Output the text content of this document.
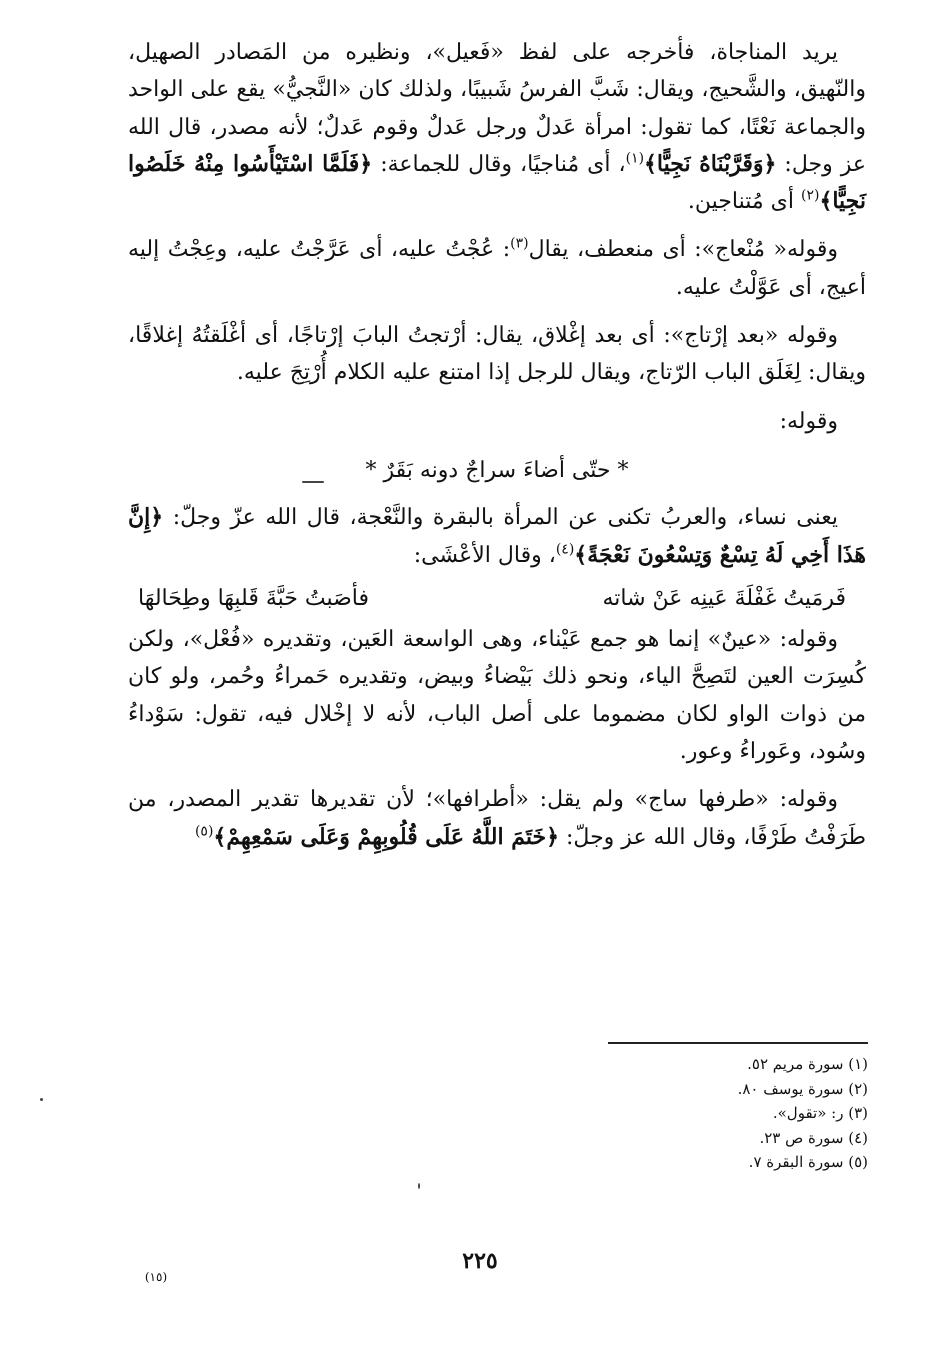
يريد المناجاة، فأخرجه على لفظ «فَعيل»، ونظيره من المَصادر الصهيل، والنّهيق، والشَّحيج، ويقال: شَبَّ الفرسُ شَبيبًا، ولذلك كان «النَّجيُّ» يقع على الواحد والجماعة نَعْتًا، كما تقول: امرأة عَدلٌ ورجل عَدلٌ وقوم عَدلٌ؛ لأنه مصدر، قال الله عز وجل: ﴿وَقَرَّبْنَاهُ نَجِيًّا﴾$^{(١)}$، أى مُناجيًا، وقال للجماعة: ﴿فَلَمَّا اسْتَيْأَسُوا مِنْهُ خَلَصُوا نَجِيًّا﴾$^{(٢)}$ أى مُتناجين.

وقوله« مُنْعاج»: أى منعطف، يقال$^{(٣)}$: عُجْتُ عليه، أى عَرَّجْتُ عليه، وعِجْتُ إليه أعيج، أى عَوَّلْتُ عليه.

وقوله «بعد إرْتاج»: أى بعد إغْلاق، يقال: أرْتجتُ البابَ إرْتاجًا، أى أغْلَقتُهُ إغلاقًا، ويقال: لِغَلَق الباب الرّتاج، ويقال للرجل إذا امتنع عليه الكلام أُرْتِجَ عليه.

وقوله:

* حتّى أضاءَ سراجٌ دونه بَقَرٌ *

يعنى نساء، والعربُ تكنى عن المرأة بالبقرة والنَّعْجة، قال الله عزّ وجلّ: ﴿إِنَّ هَذَا أَخِي لَهُ تِسْعٌ وَتِسْعُونَ نَعْجَةً﴾$^{(٤)}$، وقال الأعْشَى:

فَرمَيتُ غَفْلَةَ عَينِه عَنْ شاته
فأصَبتُ حَبَّةَ قَلبِهَا وطِحَالهَا

وقوله: «عينٌ» إنما هو جمع عَيْناء، وهى الواسعة العَين، وتقديره «فُعْل»، ولكن كُسِرَت العين لتَصِحَّ الياء، ونحو ذلك بَيْضاءُ وبيض، وتقديره حَمراءُ وحُمر، ولو كان من ذوات الواو لكان مضموما على أصل الباب، لأنه لا إخْلال فيه، تقول: سَوْداءُ وسُود، وعَوراءُ وعور.

وقوله: «طرفها ساج» ولم يقل: «أطرافها»؛ لأن تقديرها تقدير المصدر، من طَرَفْتُ طَرْفًا، وقال الله عز وجلّ: ﴿خَتَمَ اللَّهُ عَلَى قُلُوبِهِمْ وَعَلَى سَمْعِهِمْ﴾$^{(٥)}$

(١) سورة مريم ٥٢.
(٢) سورة يوسف ٨٠.
(٣) ر: «تقول».
(٤) سورة ص ٢٣.
(٥) سورة البقرة ٧.
٢٢٥
(١٥)
